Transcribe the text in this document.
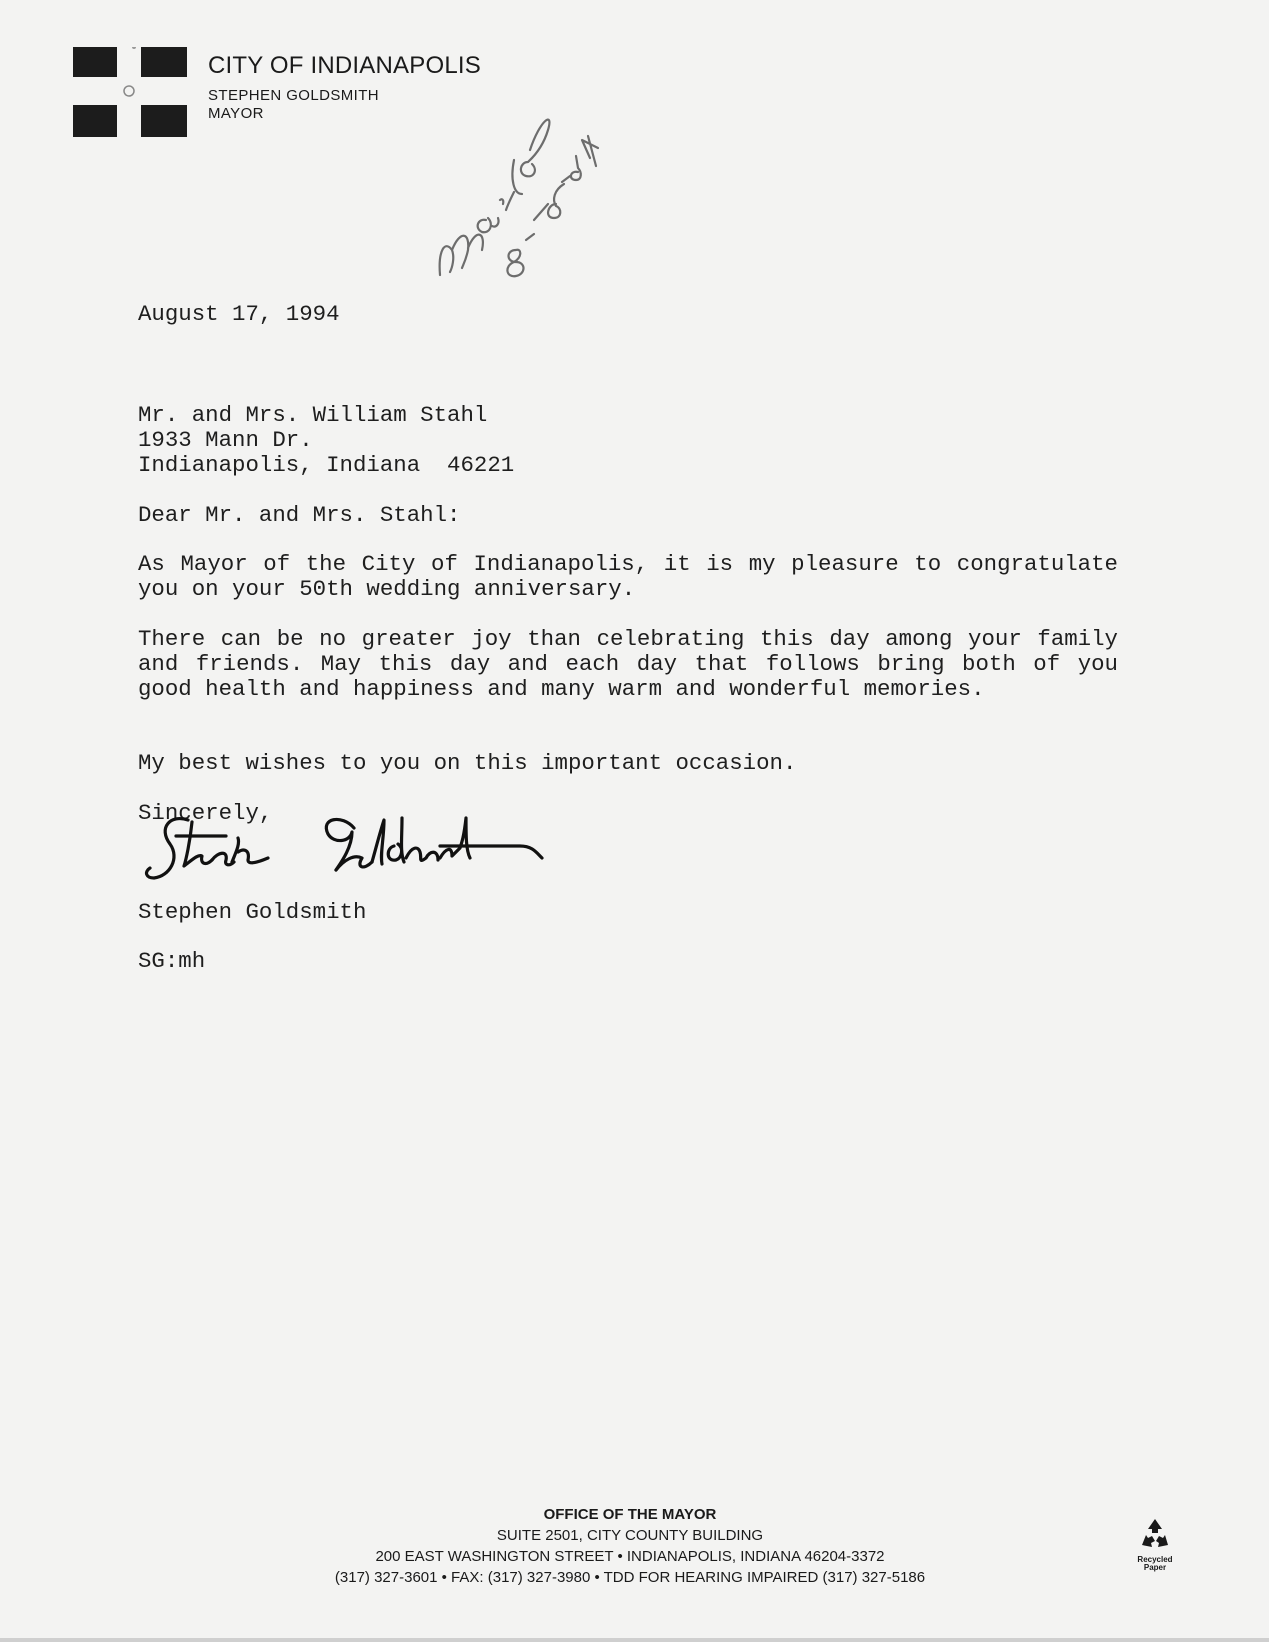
CITY OF INDIANAPOLIS
STEPHEN GOLDSMITH
MAYOR
August 17, 1994
Mr. and Mrs. William Stahl
1933 Mann Dr.
Indianapolis, Indiana  46221
Dear Mr. and Mrs. Stahl:
As Mayor of the City of Indianapolis, it is my pleasure to congratulate you on your 50th wedding anniversary.
There can be no greater joy than celebrating this day among your family and friends. May this day and each day that follows bring both of you good health and happiness and many warm and wonderful memories.
My best wishes to you on this important occasion.
Sincerely,
Stephen Goldsmith
SG:mh
OFFICE OF THE MAYOR
SUITE 2501, CITY COUNTY BUILDING
200 EAST WASHINGTON STREET • INDIANAPOLIS, INDIANA 46204-3372
(317) 327-3601 • FAX: (317) 327-3980 • TDD FOR HEARING IMPAIRED (317) 327-5186
Recycled
Paper
